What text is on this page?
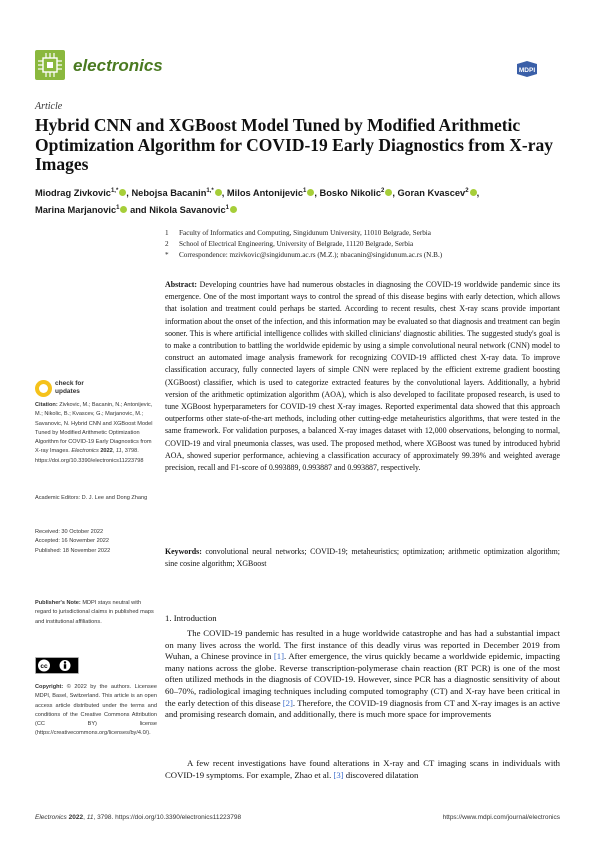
electronics	MDPI
Article
Hybrid CNN and XGBoost Model Tuned by Modified Arithmetic Optimization Algorithm for COVID-19 Early Diagnostics from X-ray Images
Miodrag Zivkovic$^{1,*}$ , Nebojsa Bacanin$^{1,*}$ , Milos Antonijevic$^1$ , Bosko Nikolic$^2$ , Goran Kvascev$^2$ ,
Marina Marjanovic$^1$ and Nikola Savanovic$^1$
1	Faculty of Informatics and Computing, Singidunum University, 11010 Belgrade, Serbia
2	School of Electrical Engineering, University of Belgrade, 11120 Belgrade, Serbia
*	Correspondence: mzivkovic@singidunum.ac.rs (M.Z.); nbacanin@singidunum.ac.rs (N.B.)
Abstract: Developing countries have had numerous obstacles in diagnosing the COVID-19 worldwide pandemic since its emergence. One of the most important ways to control the spread of this disease begins with early detection, which allows that isolation and treatment could perhaps be started. According to recent results, chest X-ray scans provide important information about the onset of the infection, and this information may be evaluated so that diagnosis and treatment can begin sooner. This is where artificial intelligence collides with skilled clinicians' diagnostic abilities. The suggested study's goal is to make a contribution to battling the worldwide epidemic by using a simple convolutional neural network (CNN) model to construct an automated image analysis framework for recognizing COVID-19 afflicted chest X-ray data. To improve classification accuracy, fully connected layers of simple CNN were replaced by the efficient extreme gradient boosting (XGBoost) classifier, which is used to categorize extracted features by the convolutional layers. Additionally, a hybrid version of the arithmetic optimization algorithm (AOA), which is also developed to facilitate proposed research, is used to tune XGBoost hyperparameters for COVID-19 chest X-ray images. Reported experimental data showed that this approach outperforms other state-of-the-art methods, including other cutting-edge metaheuristics algorithms, that were tested in the same framework. For validation purposes, a balanced X-ray images dataset with 12,000 observations, belonging to normal, COVID-19 and viral pneumonia classes, was used. The proposed method, where XGBoost was tuned by introduced hybrid AOA, showed superior performance, achieving a classification accuracy of approximately 99.39% and weighted average precision, recall and F1-score of 0.993889, 0.993887 and 0.993887, respectively.
Keywords: convolutional neural networks; COVID-19; metaheuristics; optimization; arithmetic optimization algorithm; sine cosine algorithm; XGBoost
check for
updates
Citation: Zivkovic, M.; Bacanin, N.; Antonijevic, M.; Nikolic, B.; Kvascev, G.; Marjanovic, M.; Savanovic, N. Hybrid CNN and XGBoost Model Tuned by Modified Arithmetic Optimization Algorithm for COVID-19 Early Diagnostics from X-ray Images. Electronics 2022, 11, 3798. https://doi.org/10.3390/electronics11223798
Academic Editors: D. J. Lee and Dong Zhang
Received: 30 October 2022
Accepted: 16 November 2022
Published: 18 November 2022
Publisher's Note: MDPI stays neutral with regard to jurisdictional claims in published maps and institutional affiliations.
cc
Copyright: © 2022 by the authors. Licensee MDPI, Basel, Switzerland. This article is an open access article distributed under the terms and conditions of the Creative Commons Attribution (CC BY) license (https://creativecommons.org/licenses/by/4.0/).
1. Introduction
The COVID-19 pandemic has resulted in a huge worldwide catastrophe and has had a substantial impact on many lives across the world. The first instance of this deadly virus was reported in December 2019 from Wuhan, a Chinese province in [1]. After emergence, the virus quickly became a worldwide epidemic, impacting many nations across the globe. Reverse transcription-polymerase chain reaction (RT PCR) is one of the most often utilized methods in the diagnosis of COVID-19. However, since PCR has a diagnostic sensitivity of about 60–70%, radiological imaging techniques including computed tomography (CT) and X-ray have been critical in the early detection of this disease [2]. Therefore, the COVID-19 diagnosis from CT and X-ray images is an active and promising research domain, and additionally, there is much more space for improvements
A few recent investigations have found alterations in X-ray and CT imaging scans in individuals with COVID-19 symptoms. For example, Zhao et al. [3] discovered dilatation
Electronics 2022, 11, 3798. https://doi.org/10.3390/electronics11223798	https://www.mdpi.com/journal/electronics
